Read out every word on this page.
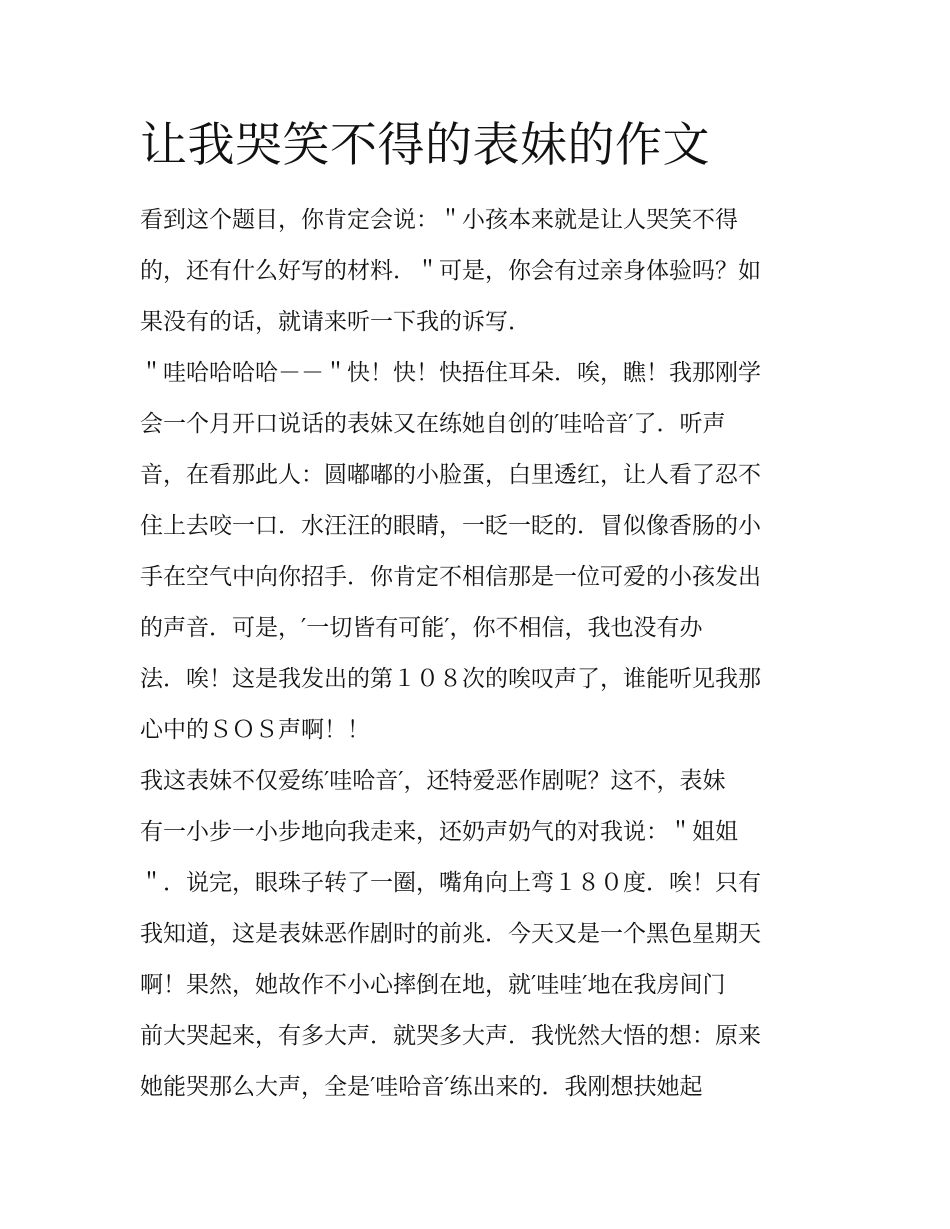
让我哭笑不得的表妹的作文
看到这个题目，你肯定会说：＂小孩本来就是让人哭笑不得
的，还有什么好写的材料．＂可是，你会有过亲身体验吗？如
果没有的话，就请来听一下我的诉写．
＂哇哈哈哈哈－－＂快！快！快捂住耳朵．唉，瞧！我那刚学
会一个月开口说话的表妹又在练她自创的′哇哈音′了．听声
音，在看那此人：圆嘟嘟的小脸蛋，白里透红，让人看了忍不
住上去咬一口．水汪汪的眼睛，一眨一眨的．冒似像香肠的小
手在空气中向你招手．你肯定不相信那是一位可爱的小孩发出
的声音．可是，′一切皆有可能′，你不相信，我也没有办
法．唉！这是我发出的第１０８次的唉叹声了，谁能听见我那
心中的ＳＯＳ声啊！！
我这表妹不仅爱练′哇哈音′，还特爱恶作剧呢？这不，表妹
有一小步一小步地向我走来，还奶声奶气的对我说：＂姐姐
＂．说完，眼珠子转了一圈，嘴角向上弯１８０度．唉！只有
我知道，这是表妹恶作剧时的前兆．今天又是一个黑色星期天
啊！果然，她故作不小心摔倒在地，就′哇哇′地在我房间门
前大哭起来，有多大声．就哭多大声．我恍然大悟的想：原来
她能哭那么大声，全是′哇哈音′练出来的．我刚想扶她起
